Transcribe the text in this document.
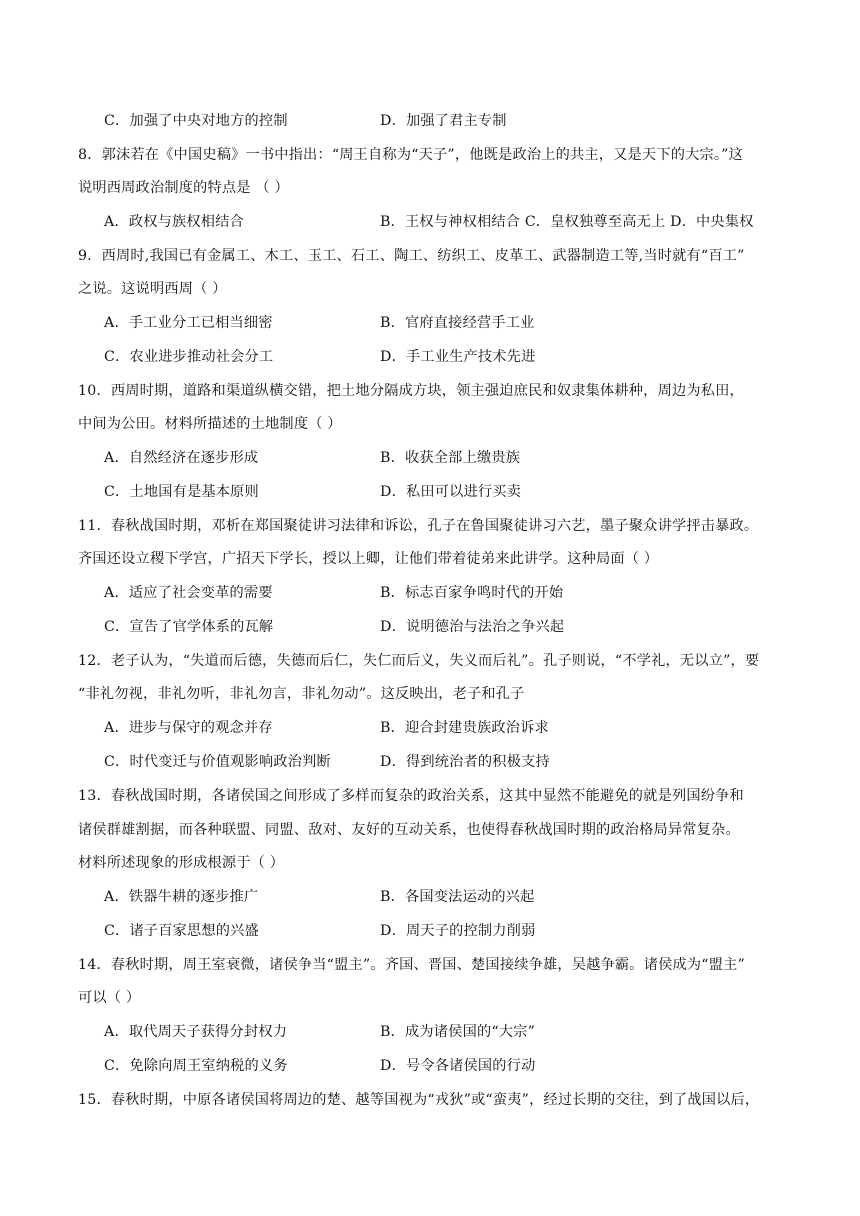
C．加强了中央对地方的控制	D．加强了君主专制
8．郭沫若在《中国史稿》一书中指出：“周王自称为“天子”，他既是政治上的共主，又是天下的大宗。”这
说明西周政治制度的特点是 （ ）
A．政权与族权相结合	B．王权与神权相结合 C．皇权独尊至高无上 D．中央集权
9．西周时,我国已有金属工、木工、玉工、石工、陶工、纺织工、皮革工、武器制造工等,当时就有“百工”
之说。这说明西周（ ）
A．手工业分工已相当细密	B．官府直接经营手工业
C．农业进步推动社会分工	D．手工业生产技术先进
10．西周时期，道路和渠道纵横交错，把土地分隔成方块，领主强迫庶民和奴隶集体耕种，周边为私田，
中间为公田。材料所描述的土地制度（ ）
A．自然经济在逐步形成	B．收获全部上缴贵族
C．土地国有是基本原则	D．私田可以进行买卖
11．春秋战国时期，邓析在郑国聚徒讲习法律和诉讼，孔子在鲁国聚徒讲习六艺，墨子聚众讲学抨击暴政。
齐国还设立稷下学宫，广招天下学长，授以上卿，让他们带着徒弟来此讲学。这种局面（ ）
A．适应了社会变革的需要	B．标志百家争鸣时代的开始
C．宣告了官学体系的瓦解	D．说明德治与法治之争兴起
12．老子认为，“失道而后德，失德而后仁，失仁而后义，失义而后礼”。孔子则说，“不学礼，无以立”，要
“非礼勿视，非礼勿听，非礼勿言，非礼勿动”。这反映出，老子和孔子
A．进步与保守的观念并存	B．迎合封建贵族政治诉求
C．时代变迁与价值观影响政治判断	D．得到统治者的积极支持
13．春秋战国时期，各诸侯国之间形成了多样而复杂的政治关系，这其中显然不能避免的就是列国纷争和
诸侯群雄割据，而各种联盟、同盟、敌对、友好的互动关系，也使得春秋战国时期的政治格局异常复杂。
材料所述现象的形成根源于（ ）
A．铁器牛耕的逐步推广	B．各国变法运动的兴起
C．诸子百家思想的兴盛	D．周天子的控制力削弱
14．春秋时期，周王室衰微，诸侯争当“盟主”。齐国、晋国、楚国接续争雄，吴越争霸。诸侯成为“盟主”
可以（ ）
A．取代周天子获得分封权力	B．成为诸侯国的“大宗”
C．免除向周王室纳税的义务	D．号令各诸侯国的行动
15．春秋时期，中原各诸侯国将周边的楚、越等国视为“戎狄”或“蛮夷”，经过长期的交往，到了战国以后，
